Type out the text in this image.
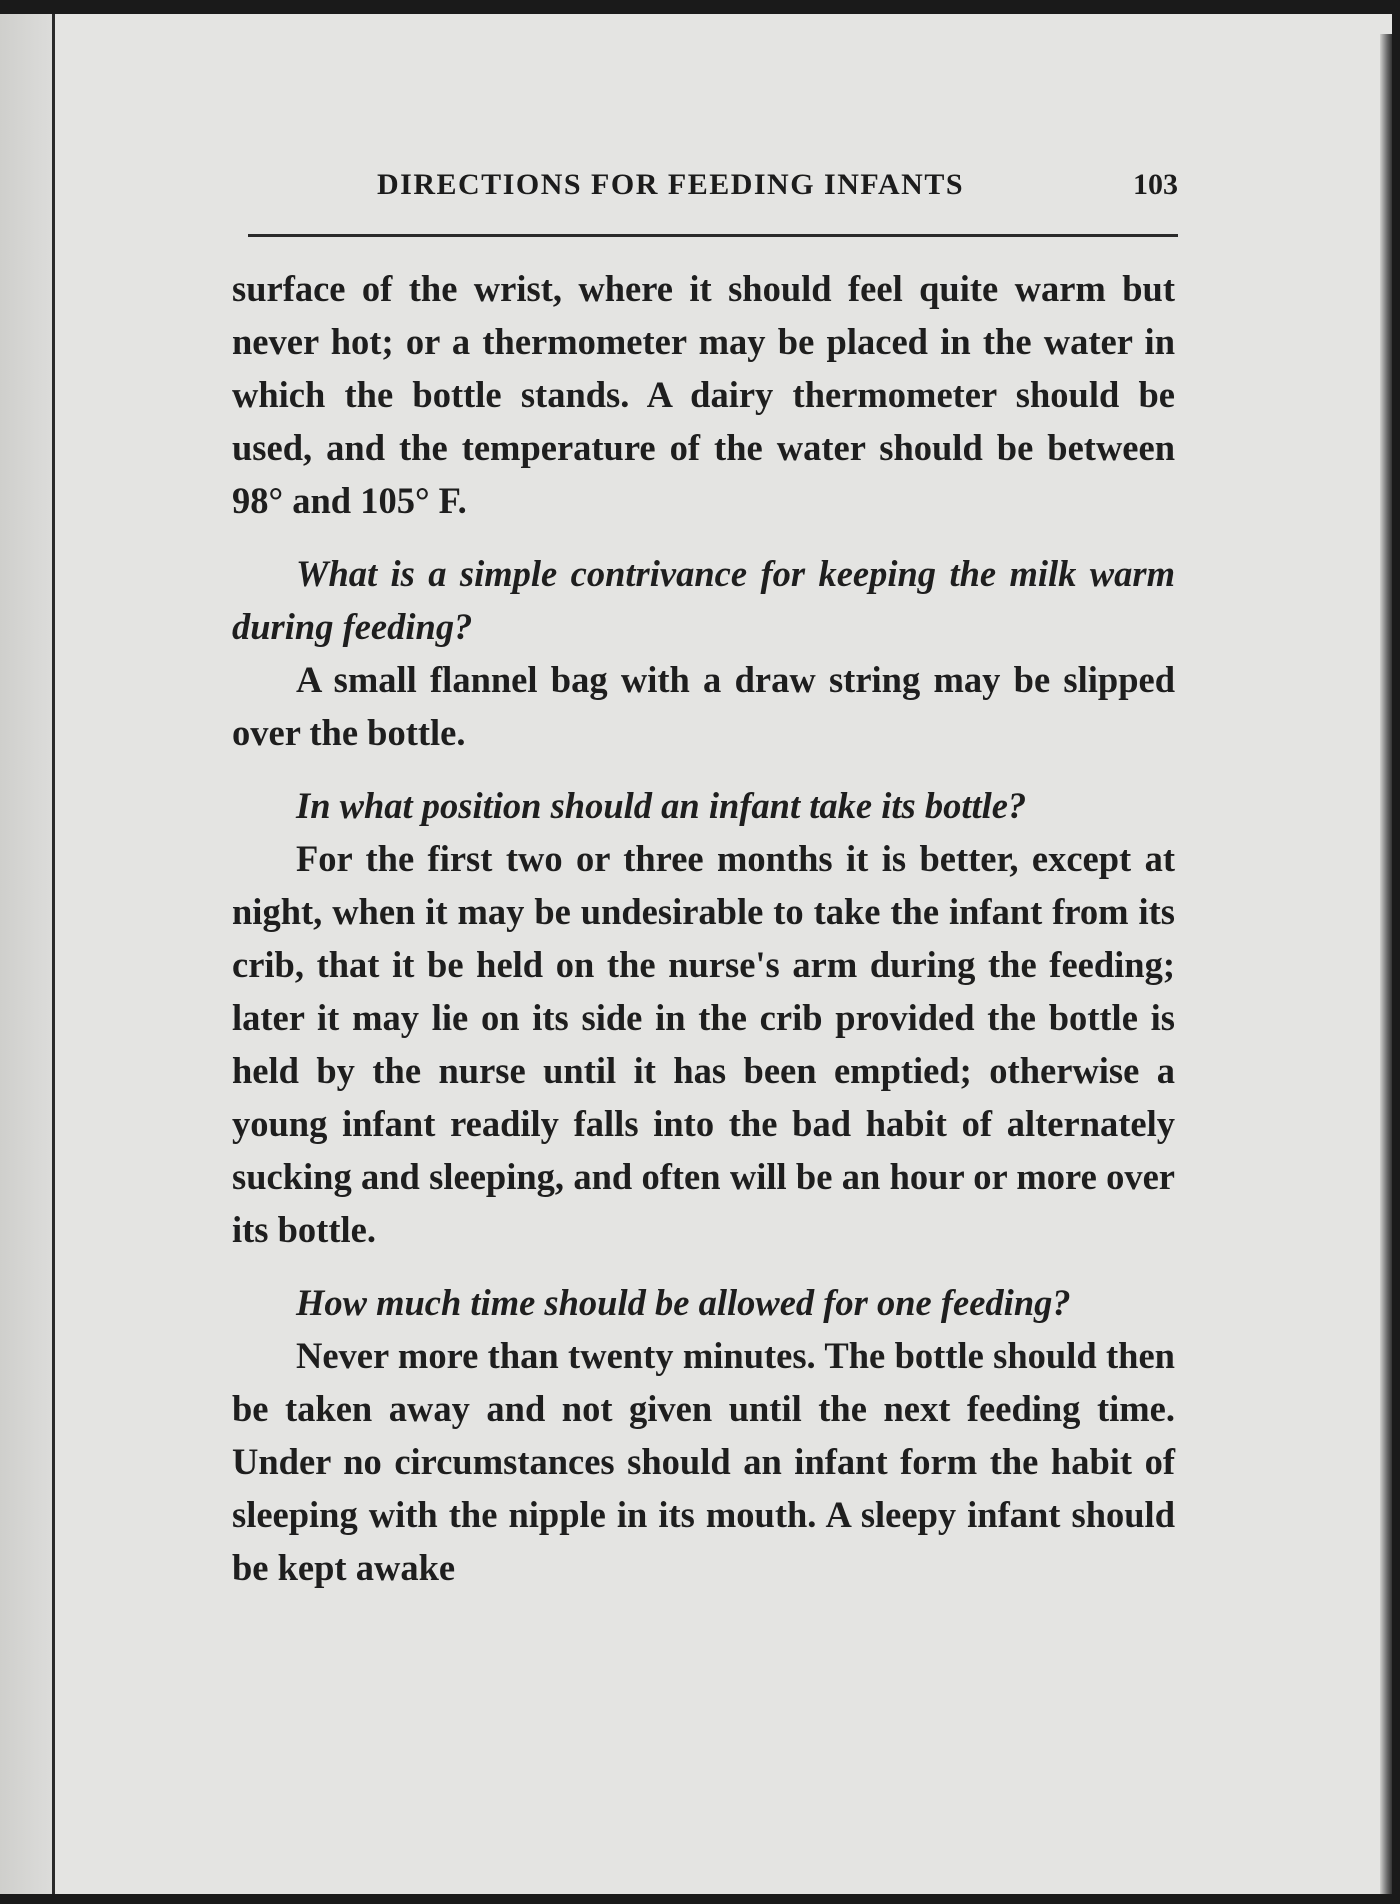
DIRECTIONS FOR FEEDING INFANTS	103

surface of the wrist, where it should feel quite warm but never hot; or a thermometer may be placed in the water in which the bottle stands. A dairy thermometer should be used, and the temperature of the water should be between 98° and 105° F.

What is a simple contrivance for keeping the milk warm during feeding?

A small flannel bag with a draw string may be slipped over the bottle.

In what position should an infant take its bottle?

For the first two or three months it is better, except at night, when it may be undesirable to take the infant from its crib, that it be held on the nurse's arm during the feeding; later it may lie on its side in the crib provided the bottle is held by the nurse until it has been emptied; otherwise a young infant readily falls into the bad habit of alternately sucking and sleeping, and often will be an hour or more over its bottle.

How much time should be allowed for one feeding?

Never more than twenty minutes. The bottle should then be taken away and not given until the next feeding time. Under no circumstances should an infant form the habit of sleeping with the nipple in its mouth. A sleepy infant should be kept awake
